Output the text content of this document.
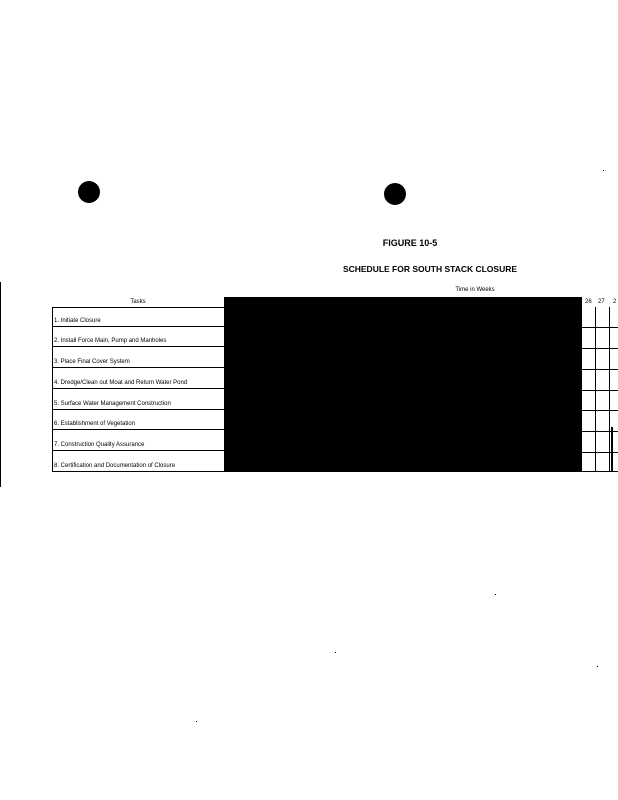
FIGURE 10-5
SCHEDULE FOR SOUTH STACK CLOSURE
Time in Weeks
Tasks
1. Initiate Closure
2. Install Force Main, Pump and Manholes
3. Place Final Cover System
4. Dredge/Clean out Moat and Return Water Pond
5. Surface Water Management Construction
6. Establishment of Vegetation
7. Construction Quality Assurance
8. Certification and Documentation of Closure
26 27 2
